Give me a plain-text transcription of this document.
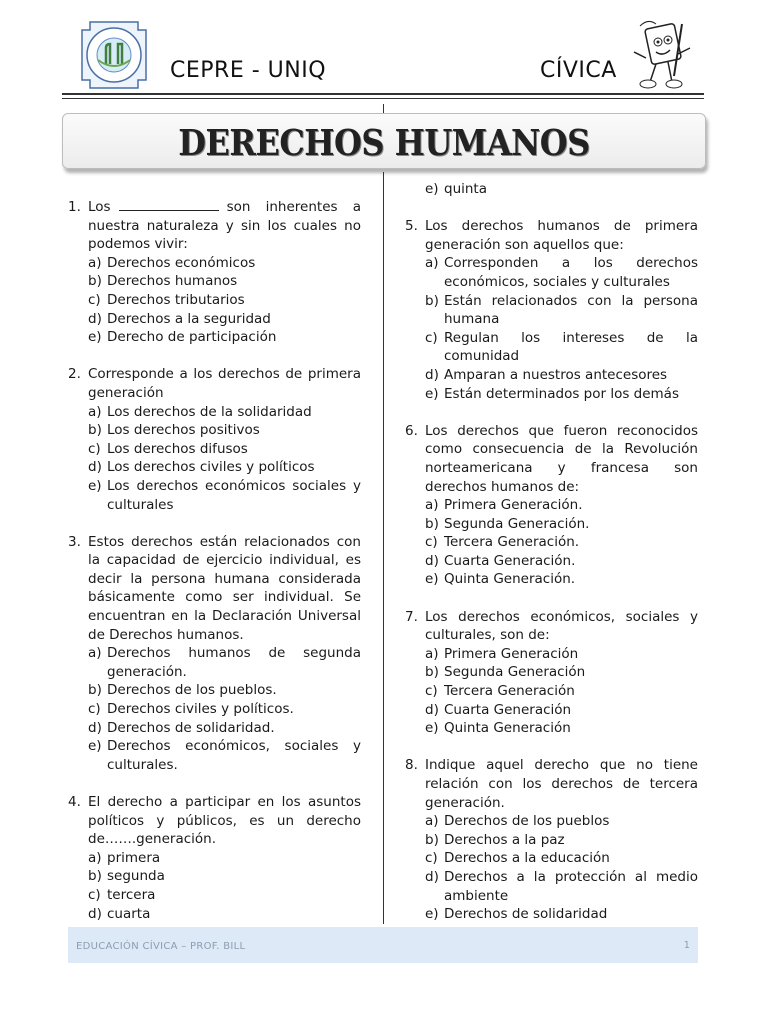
CEPRE - UNIQ	CÍVICA
DERECHOS HUMANOS
1. Los	son inherentes a nuestra naturaleza y sin los cuales no podemos vivir:
a) Derechos económicos
b) Derechos humanos
c) Derechos tributarios
d) Derechos a la seguridad
e) Derecho de participación
2. Corresponde a los derechos de primera generación
a) Los derechos de la solidaridad
b) Los derechos positivos
c) Los derechos difusos
d) Los derechos civiles y políticos
e) Los derechos económicos sociales y culturales
3. Estos derechos están relacionados con la capacidad de ejercicio individual, es decir la persona humana considerada básicamente como ser individual. Se encuentran en la Declaración Universal de Derechos humanos.
a) Derechos humanos de segunda generación.
b) Derechos de los pueblos.
c) Derechos civiles y políticos.
d) Derechos de solidaridad.
e) Derechos económicos, sociales y culturales.
4. El derecho a participar en los asuntos políticos y públicos, es un derecho de…….generación.
a) primera
b) segunda
c) tercera
d) cuarta
e) quinta
5. Los derechos humanos de primera generación son aquellos que:
a) Corresponden a los derechos económicos, sociales y culturales
b) Están relacionados con la persona humana
c) Regulan los intereses de la comunidad
d) Amparan a nuestros antecesores
e) Están determinados por los demás
6. Los derechos que fueron reconocidos como consecuencia de la Revolución norteamericana y francesa son derechos humanos de:
a) Primera Generación.
b) Segunda Generación.
c) Tercera Generación.
d) Cuarta Generación.
e) Quinta Generación.
7. Los derechos económicos, sociales y culturales, son de:
a) Primera Generación
b) Segunda Generación
c) Tercera Generación
d) Cuarta Generación
e) Quinta Generación
8. Indique aquel derecho que no tiene relación con los derechos de tercera generación.
a) Derechos de los pueblos
b) Derechos a la paz
c) Derechos a la educación
d) Derechos a la protección al medio ambiente
e) Derechos de solidaridad
EDUCACIÓN CÍVICA – PROF. BILL	1
